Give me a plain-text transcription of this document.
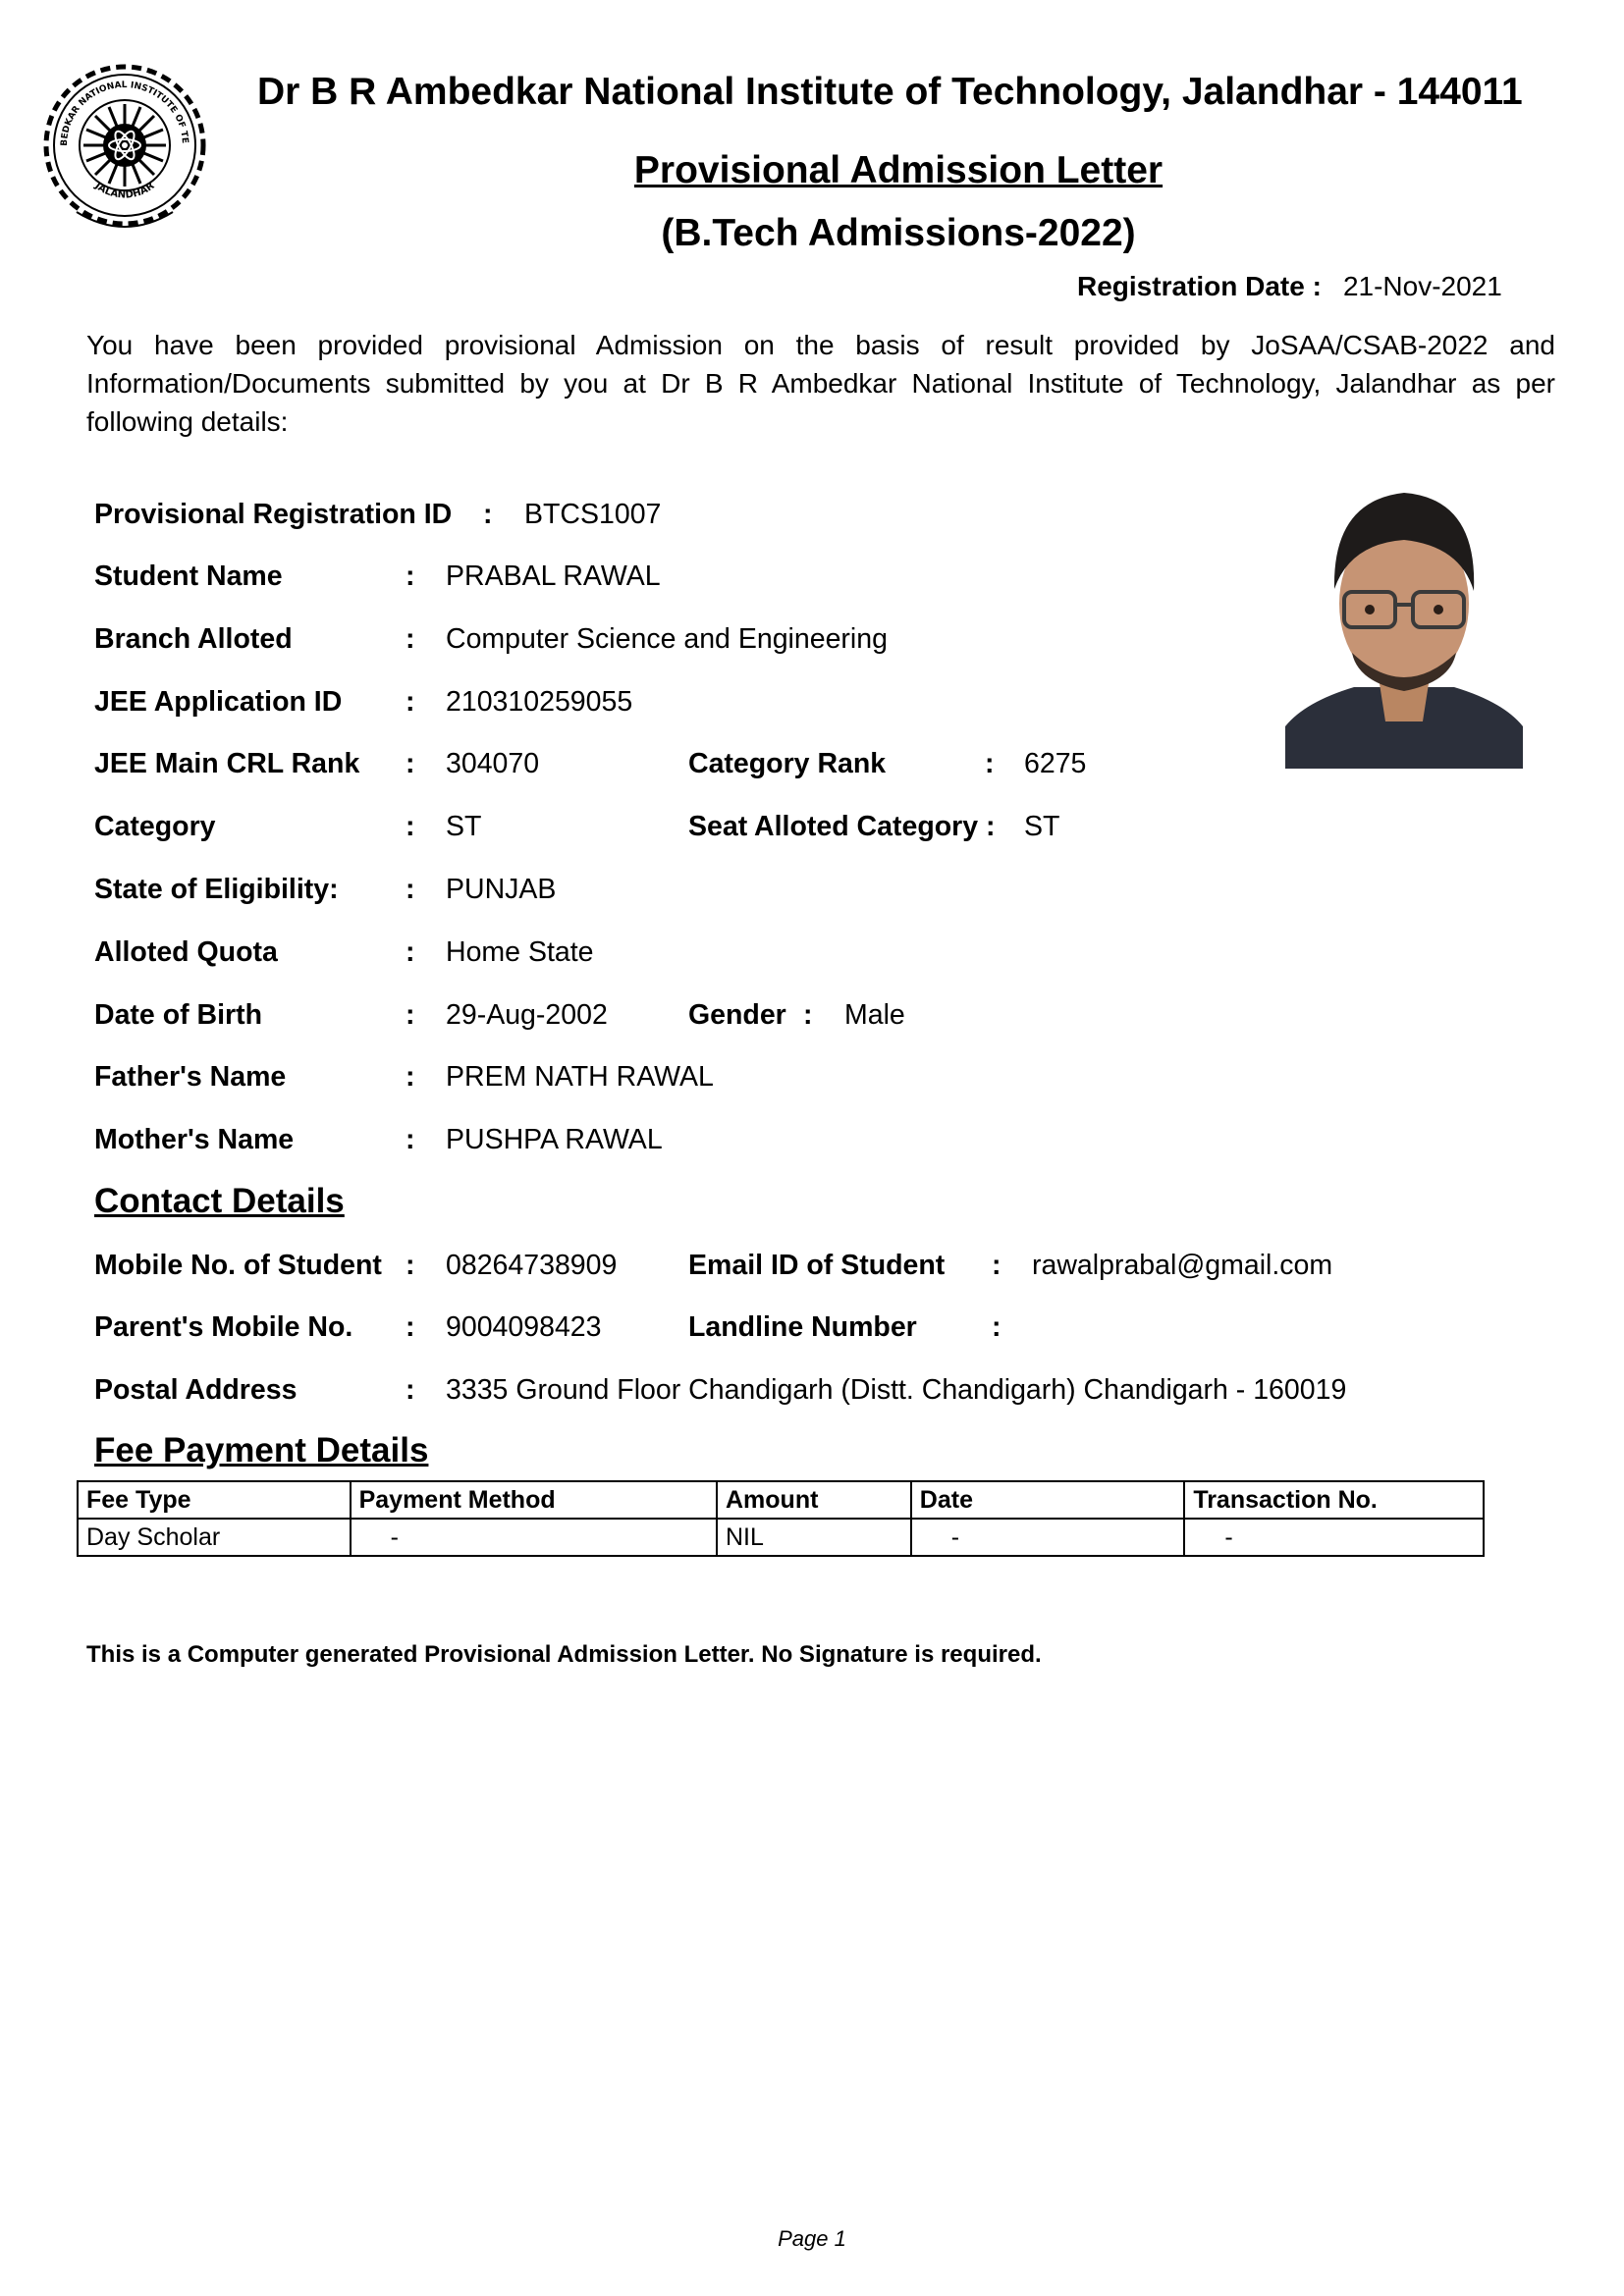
BEDKAR NATIONAL INSTITUTE OF TE
JALANDHAR
Dr B R Ambedkar National Institute of Technology, Jalandhar - 144011
Provisional Admission Letter
(B.Tech Admissions-2022)
Registration Date : 21-Nov-2021
You have been provided provisional Admission on the basis of result provided by JoSAA/CSAB-2022 and Information/Documents submitted by you at Dr B R Ambedkar National Institute of Technology, Jalandhar as per following details:
Provisional Registration ID : BTCS1007
Student Name	: PRABAL RAWAL
Branch Alloted	: Computer Science and Engineering
JEE Application ID : 210310259055
JEE Main CRL Rank : 304070	Category Rank	: 6275
Category	: ST	Seat Alloted Category : ST
State of Eligibility: : PUNJAB
Alloted Quota	: Home State
Date of Birth	: 29-Aug-2002	Gender : Male
Father's Name	: PREM NATH RAWAL
Mother's Name	: PUSHPA RAWAL
Contact Details
Mobile No. of Student : 08264738909	Email ID of Student : rawalprabal@gmail.com
Parent's Mobile No. : 9004098423	Landline Number	:
Postal Address	: 3335 Ground Floor Chandigarh (Distt. Chandigarh) Chandigarh - 160019
Fee Payment Details
Fee Type	Payment Method	Amount	Date	Transaction No.
Day Scholar	-	NIL	-	-
This is a Computer generated Provisional Admission Letter. No Signature is required.
Page 1
